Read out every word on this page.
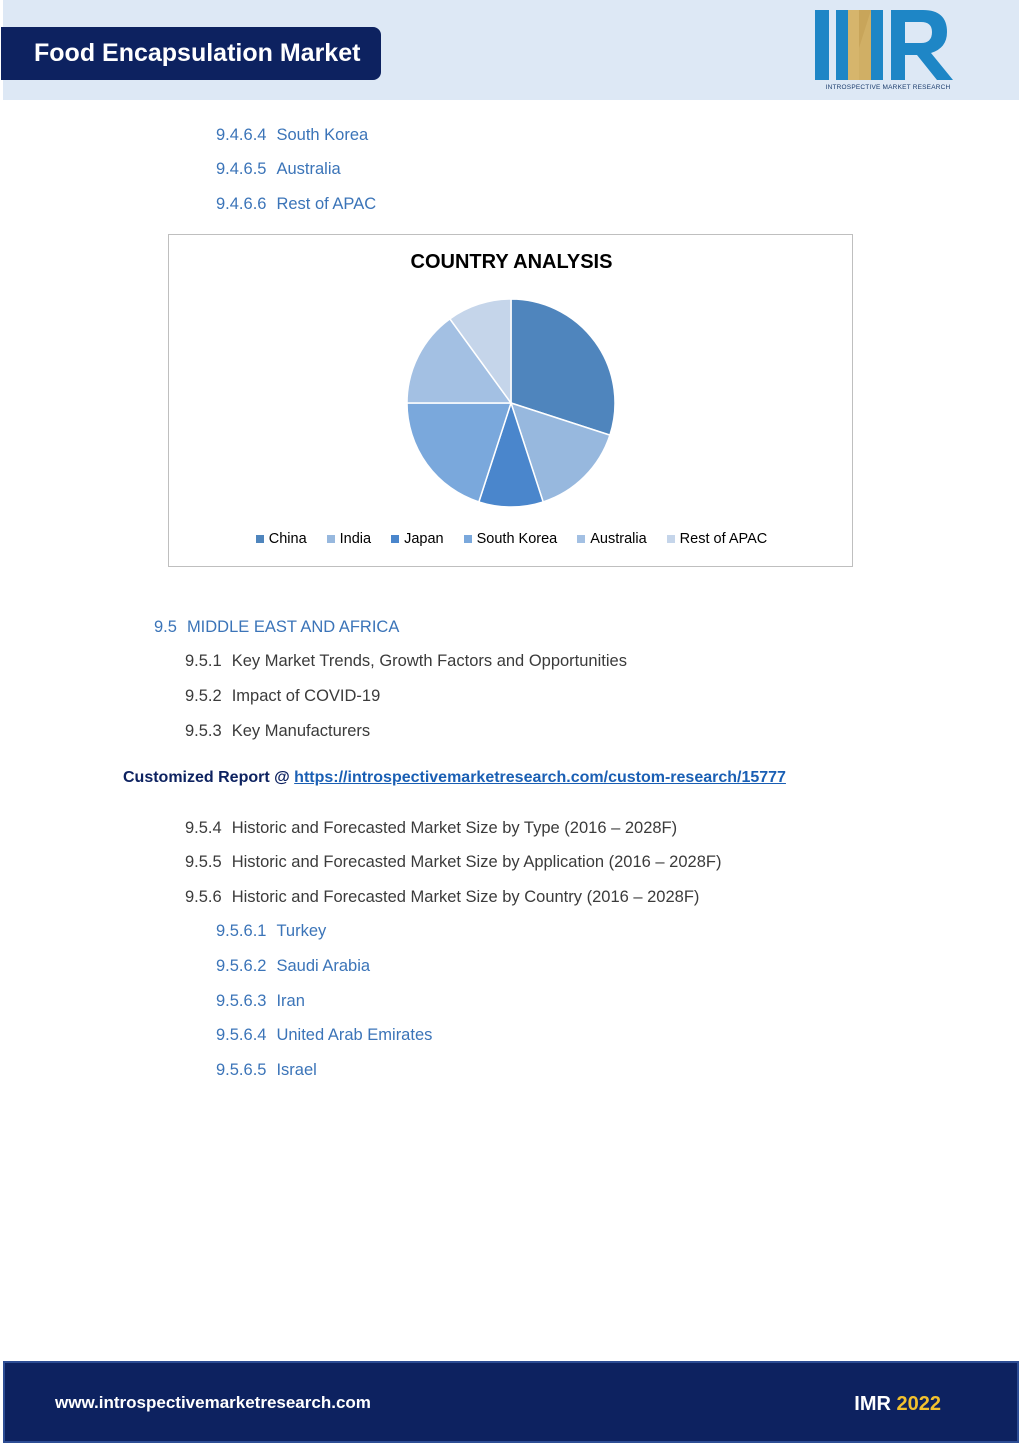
Food Encapsulation Market
INTROSPECTIVE MARKET RESEARCH
9.4.6.4 South Korea
9.4.6.5 Australia
9.4.6.6 Rest of APAC
COUNTRY ANALYSIS
China India Japan South Korea Australia Rest of APAC
9.5 MIDDLE EAST AND AFRICA
9.5.1 Key Market Trends, Growth Factors and Opportunities
9.5.2 Impact of COVID-19
9.5.3 Key Manufacturers
Customized Report @ https://introspectivemarketresearch.com/custom-research/15777
9.5.4 Historic and Forecasted Market Size by Type (2016 – 2028F)
9.5.5 Historic and Forecasted Market Size by Application (2016 – 2028F)
9.5.6 Historic and Forecasted Market Size by Country (2016 – 2028F)
9.5.6.1 Turkey
9.5.6.2 Saudi Arabia
9.5.6.3 Iran
9.5.6.4 United Arab Emirates
9.5.6.5 Israel
www.introspectivemarketresearch.com	IMR 2022
